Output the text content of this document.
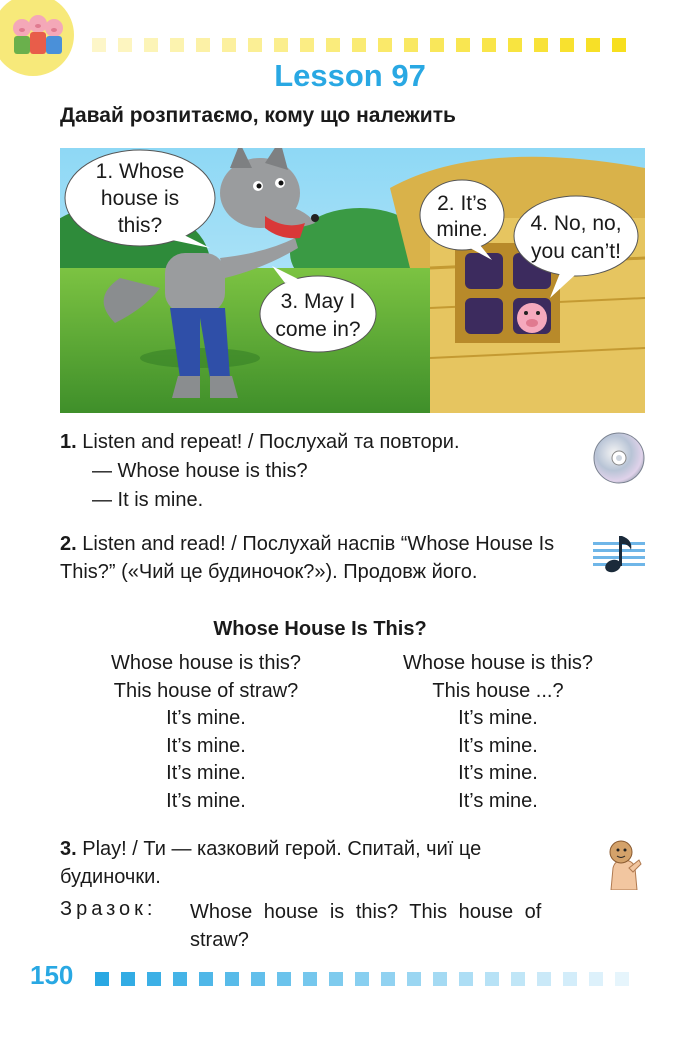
Lesson 97
Давай розпитаємо, кому що належить
1. Whose
house is
this?
2. It’s
mine.
3. May I
come in?
4. No, no,
you can’t!
1. Listen and repeat! / Послухай та повтори.
— Whose house is this?
— It is mine.
2. Listen and read! / Послухай наспів “Whose House Is This?” («Чий це будиночок?»). Продовж його.
Whose House Is This?
Whose house is this?
This house of straw?
It’s mine.
It’s mine.
It’s mine.
It’s mine.
Whose house is this?
This house ...?
It’s mine.
It’s mine.
It’s mine.
It’s mine.
3. Play! / Ти — казковий герой. Спитай, чиї це будиночки.
Зразок: Whose house is this? This house of straw?
150
